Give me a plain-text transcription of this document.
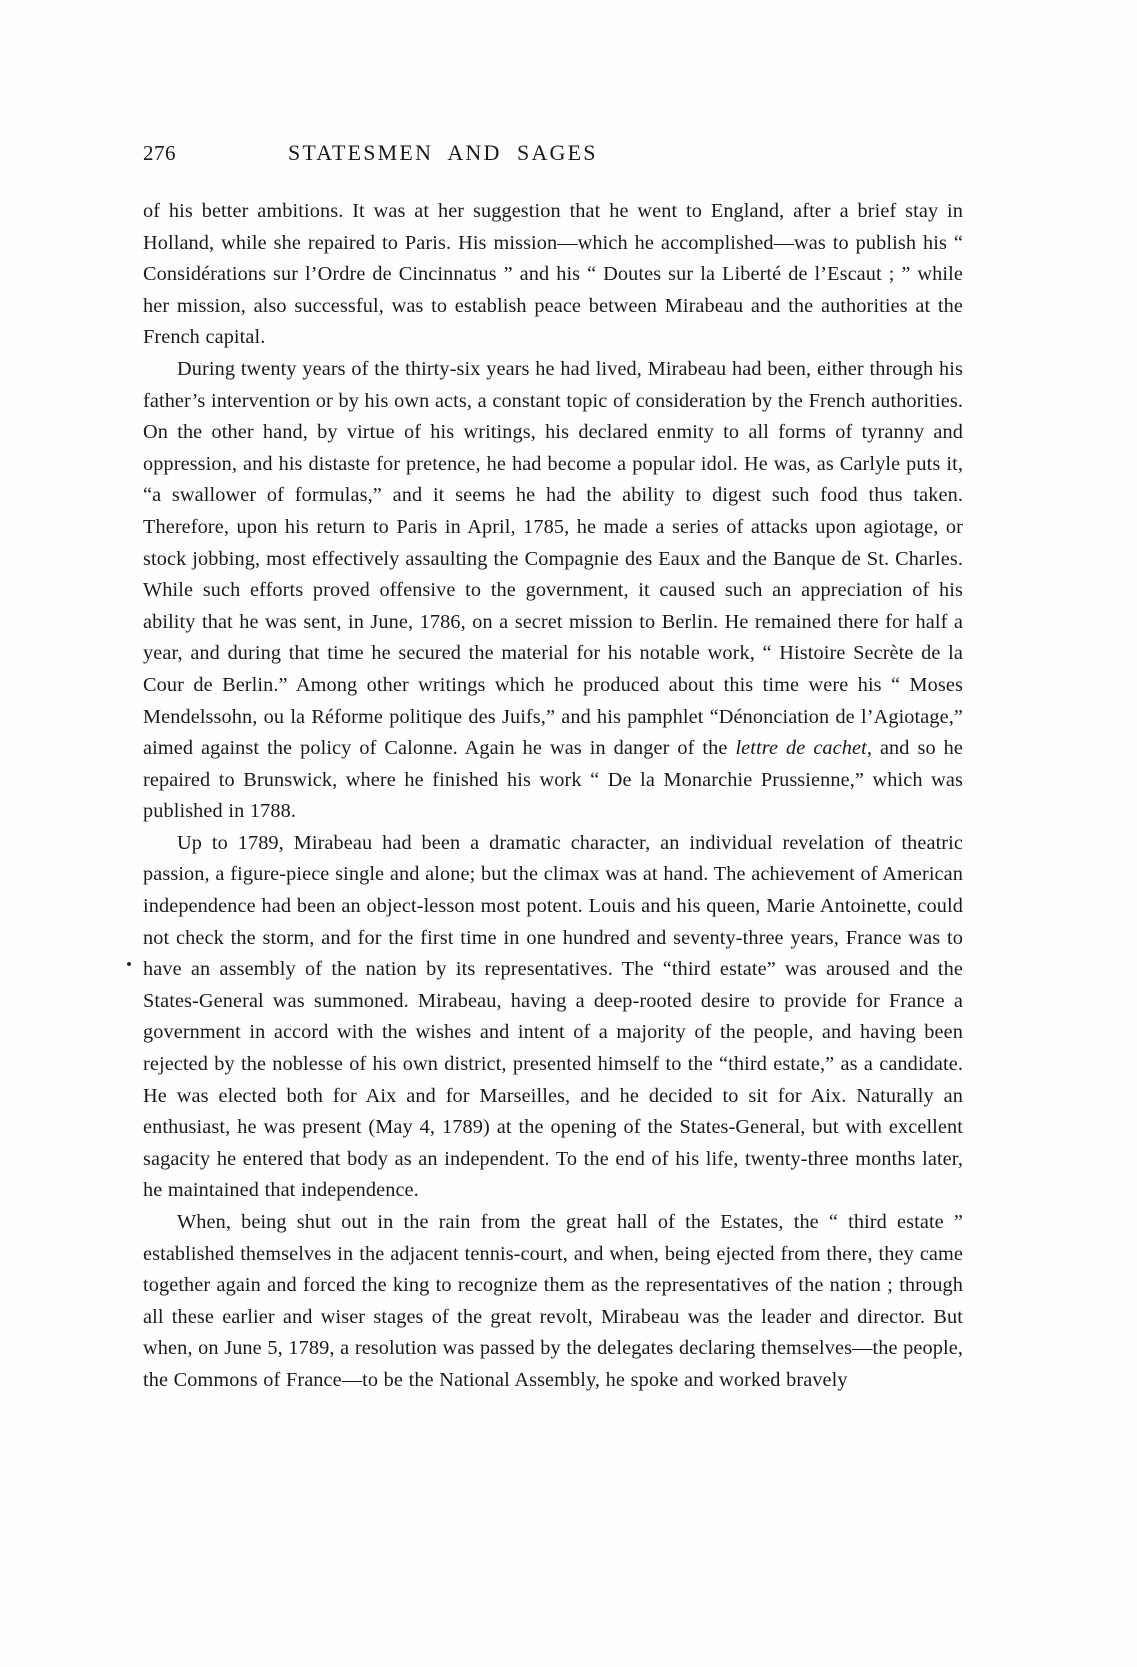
276	STATESMEN  AND  SAGES

of his better ambitions. It was at her suggestion that he went to England, after a brief stay in Holland, while she repaired to Paris. His mission—which he accomplished—was to publish his “ Considérations sur l’Ordre de Cincinnatus ” and his “ Doutes sur la Liberté de l’Escaut ; ” while her mission, also successful, was to establish peace between Mirabeau and the authorities at the French capital.

During twenty years of the thirty-six years he had lived, Mirabeau had been, either through his father’s intervention or by his own acts, a constant topic of consideration by the French authorities. On the other hand, by virtue of his writings, his declared enmity to all forms of tyranny and oppression, and his distaste for pretence, he had become a popular idol. He was, as Carlyle puts it, “a swallower of formulas,” and it seems he had the ability to digest such food thus taken. Therefore, upon his return to Paris in April, 1785, he made a series of attacks upon agiotage, or stock jobbing, most effectively assaulting the Compagnie des Eaux and the Banque de St. Charles. While such efforts proved offensive to the government, it caused such an appreciation of his ability that he was sent, in June, 1786, on a secret mission to Berlin. He remained there for half a year, and during that time he secured the material for his notable work, “ Histoire Secrète de la Cour de Berlin.” Among other writings which he produced about this time were his “ Moses Mendelssohn, ou la Réforme politique des Juifs,” and his pamphlet “Dénonciation de l’Agiotage,” aimed against the policy of Calonne. Again he was in danger of the lettre de cachet, and so he repaired to Brunswick, where he finished his work “ De la Monarchie Prussienne,” which was published in 1788.

Up to 1789, Mirabeau had been a dramatic character, an individual revelation of theatric passion, a figure-piece single and alone; but the climax was at hand. The achievement of American independence had been an object-lesson most potent. Louis and his queen, Marie Antoinette, could not check the storm, and for the first time in one hundred and seventy-three years, France was to have an assembly of the nation by its representatives. The “third estate” was aroused and the States-General was summoned. Mirabeau, having a deep-rooted desire to provide for France a government in accord with the wishes and intent of a majority of the people, and having been rejected by the noblesse of his own district, presented himself to the “third estate,” as a candidate. He was elected both for Aix and for Marseilles, and he decided to sit for Aix. Naturally an enthusiast, he was present (May 4, 1789) at the opening of the States-General, but with excellent sagacity he entered that body as an independent. To the end of his life, twenty-three months later, he maintained that independence.

When, being shut out in the rain from the great hall of the Estates, the “ third estate ” established themselves in the adjacent tennis-court, and when, being ejected from there, they came together again and forced the king to recognize them as the representatives of the nation ; through all these earlier and wiser stages of the great revolt, Mirabeau was the leader and director. But when, on June 5, 1789, a resolution was passed by the delegates declaring themselves—the people, the Commons of France—to be the National Assembly, he spoke and worked bravely
